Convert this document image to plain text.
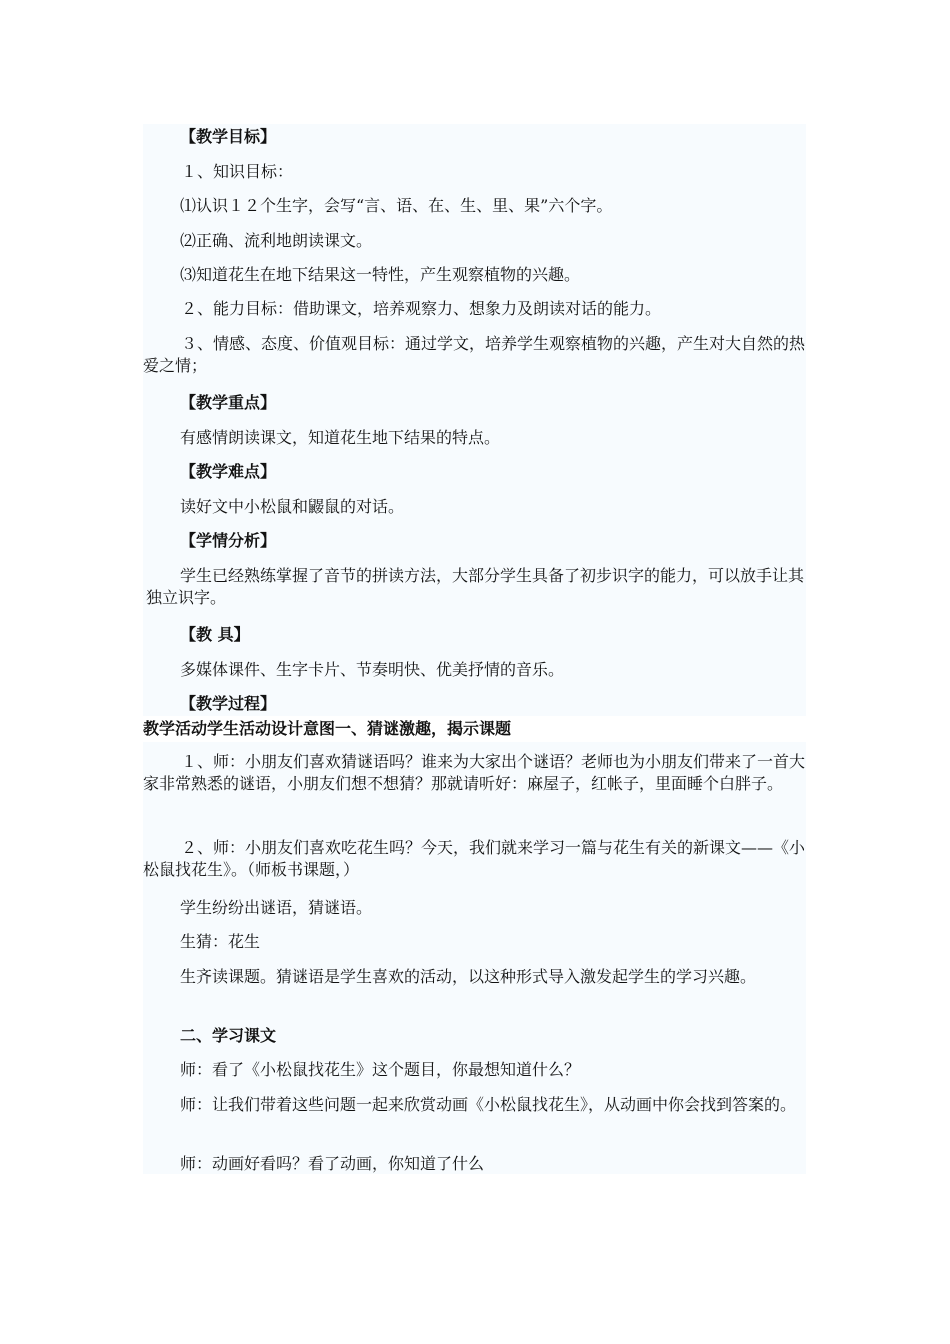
【教学目标】
１、知识目标：
⑴认识１２个生字，会写“言、语、在、生、里、果”六个字。
⑵正确、流利地朗读课文。
⑶知道花生在地下结果这一特性，产生观察植物的兴趣。
２、能力目标：借助课文，培养观察力、想象力及朗读对话的能力。
３、情感、态度、价值观目标：通过学文，培养学生观察植物的兴趣，产生对大自然的热爱之情；
【教学重点】
有感情朗读课文，知道花生地下结果的特点。
【教学难点】
读好文中小松鼠和鼹鼠的对话。
【学情分析】
学生已经熟练掌握了音节的拼读方法，大部分学生具备了初步识字的能力，可以放手让其独立识字。
【教 具】
多媒体课件、生字卡片、节奏明快、优美抒情的音乐。
【教学过程】
教学活动学生活动设计意图一、猜谜激趣，揭示课题
１、师：小朋友们喜欢猜谜语吗？谁来为大家出个谜语？老师也为小朋友们带来了一首大家非常熟悉的谜语，小朋友们想不想猜？那就请听好：麻屋子，红帐子，里面睡个白胖子。
２、师：小朋友们喜欢吃花生吗？今天，我们就来学习一篇与花生有关的新课文——《小松鼠找花生》。（师板书课题，）
学生纷纷出谜语，猜谜语。
生猜：花生
生齐读课题。猜谜语是学生喜欢的活动，以这种形式导入激发起学生的学习兴趣。
二、学习课文
师：看了《小松鼠找花生》这个题目，你最想知道什么？
师：让我们带着这些问题一起来欣赏动画《小松鼠找花生》，从动画中你会找到答案的。
师：动画好看吗？看了动画，你知道了什么
